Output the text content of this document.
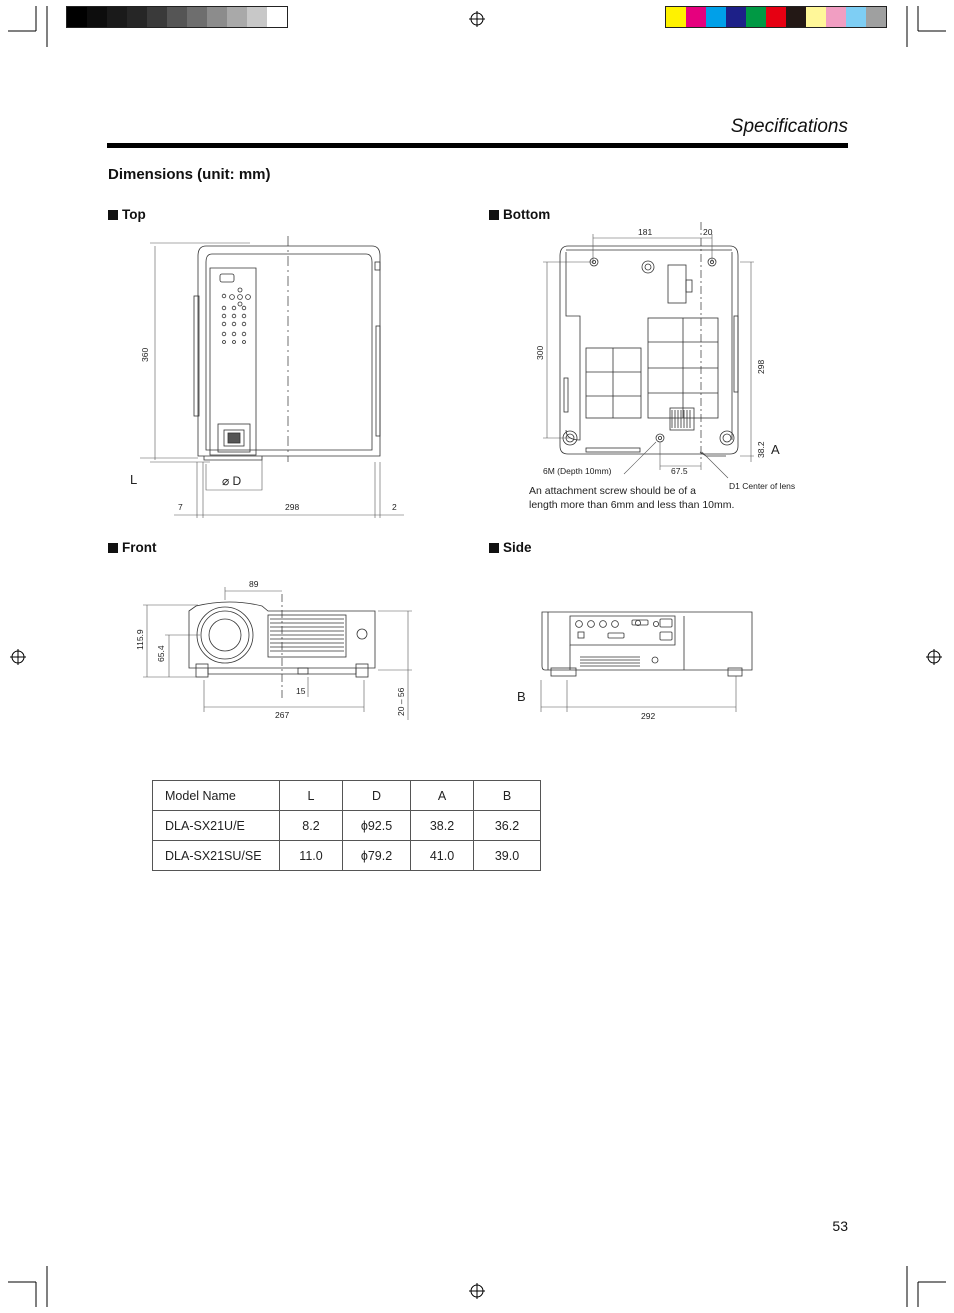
Specifications
Dimensions (unit: mm)
Top	Bottom
Front	Side
360
7	298	2
L	⌀ D
181	20
300
298
38.2 A
67.5
6M (Depth 10mm)
D1 Center of lens
An attachment screw should be of a
length more than 6mm and less than 10mm.
89
115.9
65.4
15
267	20 – 56	B
292
Model Name	L	D	A	B
DLA-SX21U/E	8.2	ϕ92.5	38.2	36.2
DLA-SX21SU/SE	11.0	ϕ79.2	41.0	39.0
53
